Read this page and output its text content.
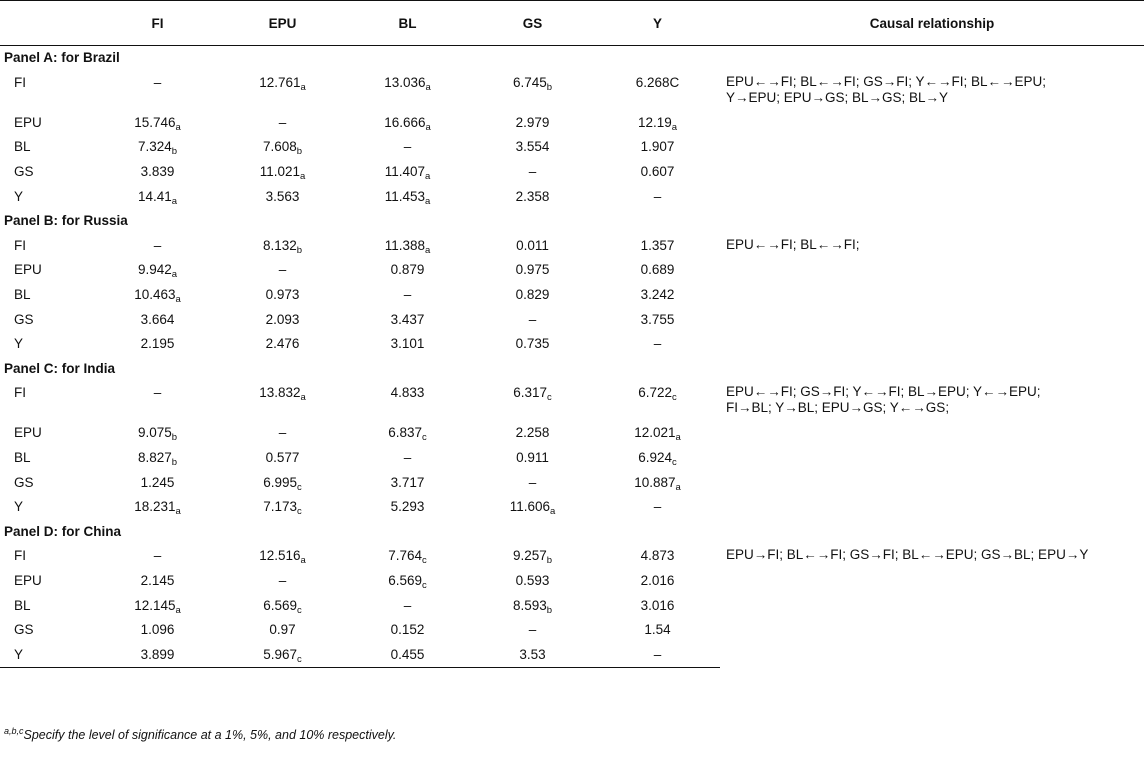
	FI	EPU	BL	GS	Y	Causal relationship
Panel A: for Brazil						
FI	–	$12.761_a$	$13.036_a$	$6.745_b$	6.268C	EPU←→FI; BL←→FI; GS→FI; Y←→FI; BL←→EPU;
Y→EPU; EPU→GS; BL→GS; BL→Y

EPU	$15.746_a$	–	$16.666_a$	2.979	$12.19_a$
BL	$7.324_b$	$7.608_b$	–	3.554	1.907	
GS	3.839	$11.021_a$	$11.407_a$	–	0.607	
Y	$14.41_a$	3.563	$11.453_a$	2.358	–	
Panel B: for Russia						
FI	–	$8.132_b$	$11.388_a$	0.011	1.357	EPU←→FI; BL←→FI;

EPU	$9.942_a$	–	0.879	0.975	0.689	
BL	$10.463_a$	0.973	–	0.829	3.242	
GS	3.664	2.093	3.437	–	3.755	
Y	2.195	2.476	3.101	0.735	–	
Panel C: for India						
FI	–	$13.832_a$	4.833	$6.317_c$	$6.722_c$	EPU←→FI; GS→FI; Y←→FI; BL→EPU; Y←→EPU;
FI→BL; Y→BL; EPU→GS; Y←→GS;

EPU	$9.075_b$	–	$6.837_c$	2.258	$12.021_a$
BL	$8.827_b$	0.577	–	0.911	$6.924_c$
GS	1.245	$6.995_c$	3.717	–	$10.887_a$
Y	$18.231_a$	$7.173_c$	5.293	$11.606_a$	–	
Panel D: for China						
FI	–	$12.516_a$	$7.764_c$	$9.257_b$	4.873	EPU→FI; BL←→FI; GS→FI; BL←→EPU; GS→BL; EPU→Y

EPU	2.145	–	$6.569_c$	0.593	2.016	
BL	$12.145_a$	$6.569_c$	–	$8.593_b$	3.016	
GS	1.096	0.97	0.152	–	1.54	
Y	3.899	$5.967_c$	0.455	3.53	–	
$^{a,b,c}$Specify the level of significance at a 1%, 5%, and 10% respectively.
